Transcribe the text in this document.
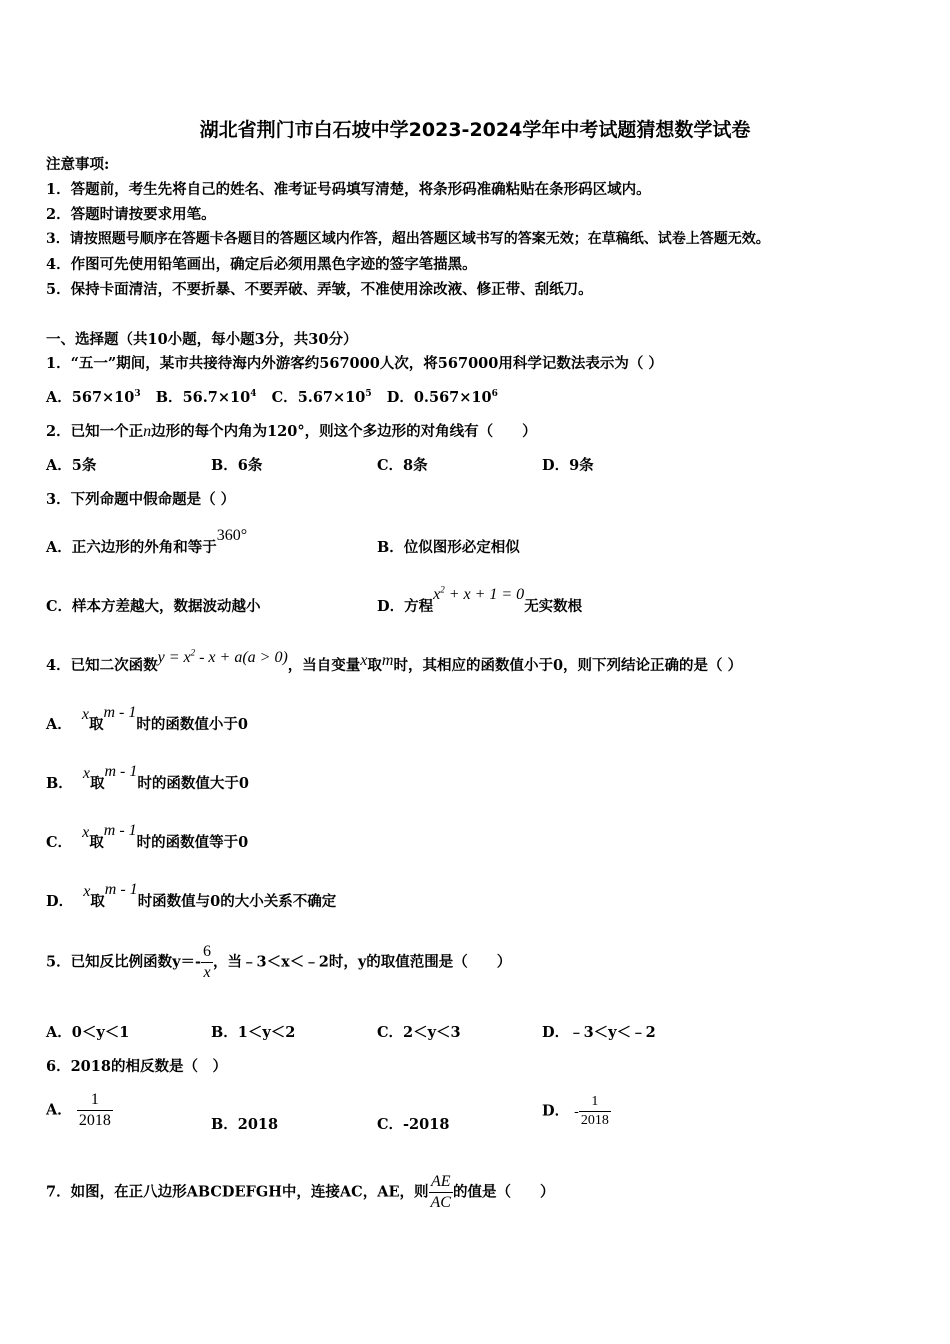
湖北省荆门市白石坡中学2023-2024学年中考试题猜想数学试卷
注意事项:
1．答题前，考生先将自己的姓名、准考证号码填写清楚，将条形码准确粘贴在条形码区域内。
2．答题时请按要求用笔。
3．请按照题号顺序在答题卡各题目的答题区域内作答，超出答题区域书写的答案无效；在草稿纸、试卷上答题无效。
4．作图可先使用铅笔画出，确定后必须用黑色字迹的签字笔描黑。
5．保持卡面清洁，不要折暴、不要弄破、弄皱，不准使用涂改液、修正带、刮纸刀。
一、选择题（共10小题，每小题3分，共30分）
1．“五一”期间，某市共接待海内外游客约567000人次，将567000用科学记数法表示为（ ）
A．$567\times 10^3$ B．$56.7\times 10^4$ C．$5.67\times 10^5$ D．$0.567\times 10^6$
2．已知一个正n边形的每个内角为120°，则这个多边形的对角线有（　　）
A．5条	B．6条	C．8条	D．9条
3．下列命题中假命题是（ ）
A．正六边形的外角和等于360°
B．位似图形必定相似
C．样本方差越大，数据波动越小	D．方程$x^2 + x + 1 = 0$无实数根
4．已知二次函数$y = x^2 - x + a(a > 0)$，当自变量x取m时，其相应的函数值小于0，则下列结论正确的是（ ）
A．  x取m - 1时的函数值小于0
B．  x取m - 1时的函数值大于0
C．  x取m - 1时的函数值等于0
D．  x取m - 1时函数值与0的大小关系不确定
5．已知反比例函数$y=- \frac{6}{x}$ ，当﹣3＜x＜﹣2时，y的取值范围是（　　）
A．0＜y＜1	B．1＜y＜2	C．2＜y＜3	D．﹣3＜y＜﹣2
6．2018的相反数是（　）
A． $\frac{1}{2018}$	B．2018	C．-2018
D． - $\frac{1}{2018}$
7．如图，在正八边形ABCDEFGH中，连接AC，AE，则 $\frac{AE}{AC}$ 的值是（　　）
